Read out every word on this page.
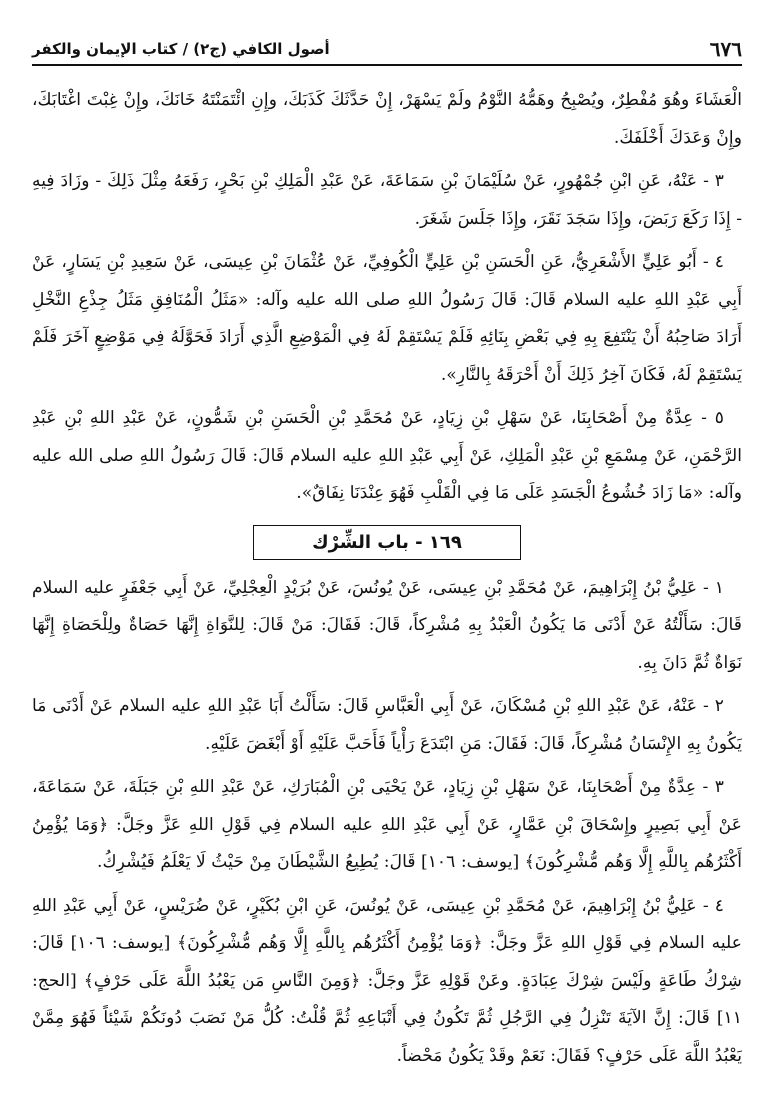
٦٧٦
أصول الكافي (ج٢) / كتاب الإيمان والكفر

الْعَشَاءَ وهُوَ مُفْطِرٌ، ويُصْبِحُ وهَمُّهُ النَّوْمُ ولَمْ يَسْهَرْ، إِنْ حَدَّثَكَ كَذَبَكَ، وإِنِ ائْتَمَنْتَهُ خَانَكَ، وإِنْ غِبْتَ اغْتَابَكَ، وإِنْ وَعَدَكَ أَخْلَفَكَ.

٣ - عَنْهُ، عَنِ ابْنِ جُمْهُورٍ، عَنْ سُلَيْمَانَ بْنِ سَمَاعَةَ، عَنْ عَبْدِ الْمَلِكِ بْنِ بَحْرٍ، رَفَعَهُ مِثْلَ ذَلِكَ - وزَادَ فِيهِ - إِذَا رَكَعَ رَبَضَ، وإِذَا سَجَدَ نَقَرَ، وإِذَا جَلَسَ شَغَرَ.

٤ - أَبُو عَلِيٍّ الأَشْعَرِيُّ، عَنِ الْحَسَنِ بْنِ عَلِيٍّ الْكُوفِيِّ، عَنْ عُثْمَانَ بْنِ عِيسَى، عَنْ سَعِيدِ بْنِ يَسَارٍ، عَنْ أَبِي عَبْدِ اللهِ عليه السلام قَالَ: قَالَ رَسُولُ اللهِ صلى الله عليه وآله: «مَثَلُ الْمُنَافِقِ مَثَلُ جِذْعِ النَّخْلِ أَرَادَ صَاحِبُهُ أَنْ يَنْتَفِعَ بِهِ فِي بَعْضِ بِنَائِهِ فَلَمْ يَسْتَقِمْ لَهُ فِي الْمَوْضِعِ الَّذِي أَرَادَ فَحَوَّلَهُ فِي مَوْضِعٍ آخَرَ فَلَمْ يَسْتَقِمْ لَهُ، فَكَانَ آخِرُ ذَلِكَ أَنْ أَحْرَقَهُ بِالنَّارِ».

٥ - عِدَّةٌ مِنْ أَصْحَابِنَا، عَنْ سَهْلِ بْنِ زِيَادٍ، عَنْ مُحَمَّدِ بْنِ الْحَسَنِ بْنِ شَمُّونٍ، عَنْ عَبْدِ اللهِ بْنِ عَبْدِ الرَّحْمَنِ، عَنْ مِسْمَعِ بْنِ عَبْدِ الْمَلِكِ، عَنْ أَبِي عَبْدِ اللهِ عليه السلام قَالَ: قَالَ رَسُولُ اللهِ صلى الله عليه وآله: «مَا زَادَ خُشُوعُ الْجَسَدِ عَلَى مَا فِي الْقَلْبِ فَهُوَ عِنْدَنَا نِفَاقٌ».

١٦٩ - باب الشِّرْك

١ - عَلِيُّ بْنُ إِبْرَاهِيمَ، عَنْ مُحَمَّدِ بْنِ عِيسَى، عَنْ يُونُسَ، عَنْ بُرَيْدٍ الْعِجْلِيِّ، عَنْ أَبِي جَعْفَرٍ عليه السلام قَالَ: سَأَلْتُهُ عَنْ أَدْنَى مَا يَكُونُ الْعَبْدُ بِهِ مُشْرِكاً، قَالَ: فَقَالَ: مَنْ قَالَ: لِلنَّوَاةِ إِنَّهَا حَصَاةٌ ولِلْحَصَاةِ إِنَّهَا نَوَاةٌ ثُمَّ دَانَ بِهِ.

٢ - عَنْهُ، عَنْ عَبْدِ اللهِ بْنِ مُسْكَانَ، عَنْ أَبِي الْعَبَّاسِ قَالَ: سَأَلْتُ أَبَا عَبْدِ اللهِ عليه السلام عَنْ أَدْنَى مَا يَكُونُ بِهِ الإِنْسَانُ مُشْرِكاً، قَالَ: فَقَالَ: مَنِ ابْتَدَعَ رَأْياً فَأَحَبَّ عَلَيْهِ أَوْ أَبْغَضَ عَلَيْهِ.

٣ - عِدَّةٌ مِنْ أَصْحَابِنَا، عَنْ سَهْلِ بْنِ زِيَادٍ، عَنْ يَحْيَى بْنِ الْمُبَارَكِ، عَنْ عَبْدِ اللهِ بْنِ جَبَلَةَ، عَنْ سَمَاعَةَ، عَنْ أَبِي بَصِيرٍ وإِسْحَاقَ بْنِ عَمَّارٍ، عَنْ أَبِي عَبْدِ اللهِ عليه السلام فِي قَوْلِ اللهِ عَزَّ وجَلَّ: ﴿وَمَا يُؤْمِنُ أَكْثَرُهُم بِاللَّهِ إِلَّا وَهُم مُّشْرِكُونَ﴾ [يوسف: ١٠٦] قَالَ: يُطِيعُ الشَّيْطَانَ مِنْ حَيْثُ لَا يَعْلَمُ فَيُشْرِكُ.

٤ - عَلِيُّ بْنُ إِبْرَاهِيمَ، عَنْ مُحَمَّدِ بْنِ عِيسَى، عَنْ يُونُسَ، عَنِ ابْنِ بُكَيْرٍ، عَنْ ضُرَيْسٍ، عَنْ أَبِي عَبْدِ اللهِ عليه السلام فِي قَوْلِ اللهِ عَزَّ وجَلَّ: ﴿وَمَا يُؤْمِنُ أَكْثَرُهُم بِاللَّهِ إِلَّا وَهُم مُّشْرِكُونَ﴾ [يوسف: ١٠٦] قَالَ: شِرْكُ طَاعَةٍ ولَيْسَ شِرْكَ عِبَادَةٍ. وعَنْ قَوْلِهِ عَزَّ وجَلَّ: ﴿وَمِنَ النَّاسِ مَن يَعْبُدُ اللَّهَ عَلَى حَرْفٍ﴾ [الحج: ١١] قَالَ: إِنَّ الآيَةَ تَنْزِلُ فِي الرَّجُلِ ثُمَّ تَكُونُ فِي أَتْبَاعِهِ ثُمَّ قُلْتُ: كُلُّ مَنْ نَصَبَ دُونَكُمْ شَيْئاً فَهُوَ مِمَّنْ يَعْبُدُ اللَّهَ عَلَى حَرْفٍ؟ فَقَالَ: نَعَمْ وقَدْ يَكُونُ مَحْضاً.
